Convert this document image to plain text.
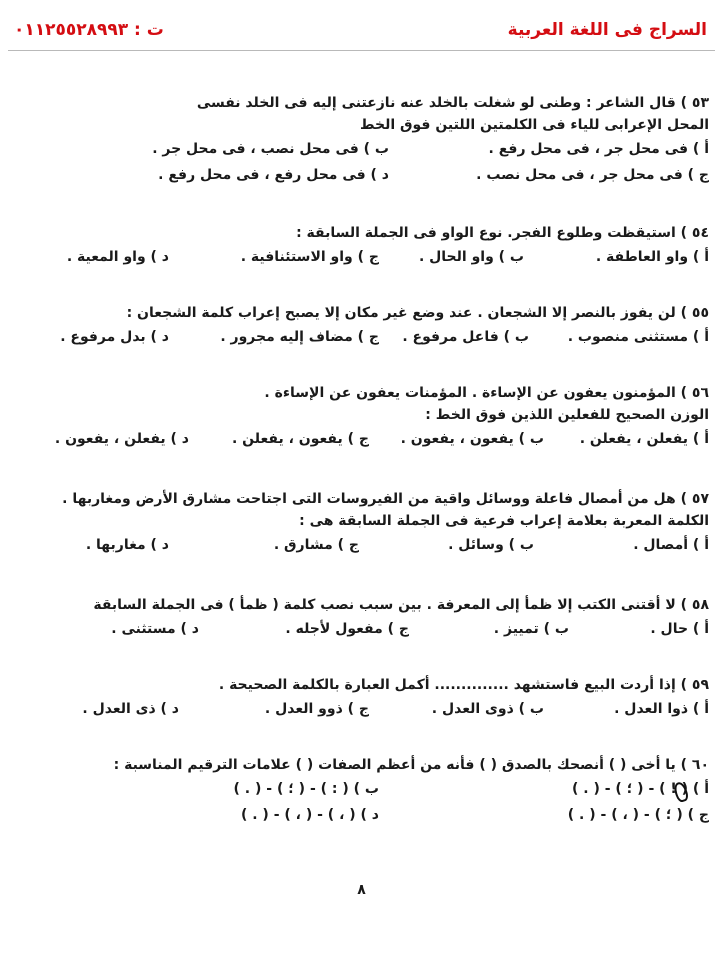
السراج فى اللغة العربية
ت : ٠١١٢٥٥٢٨٩٩٣
٥٣ ) قال الشاعر : وطنى لو شغلت بالخلد عنه نازعتنى إليه فى الخلد نفسى
المحل الإعرابى للياء فى الكلمتين اللتين فوق الخط
أ ) فى محل جر ، فى محل رفع .
ب ) فى محل نصب ، فى محل جر .
ج ) فى محل جر ، فى محل نصب .
د ) فى محل رفع ، فى محل رفع .
٥٤ ) استيقظت وطلوع الفجر. نوع الواو فى الجملة السابقة :
أ ) واو العاطفة .
ب ) واو الحال .
ج ) واو الاستئنافية .
د ) واو المعية .
٥٥ ) لن يفوز بالنصر إلا الشجعان . عند وضع غير مكان إلا يصبح إعراب كلمة الشجعان :
أ ) مستثنى منصوب .
ب ) فاعل مرفوع .
ج ) مضاف إليه مجرور .
د ) بدل مرفوع .
٥٦ ) المؤمنون يعفون عن الإساءة . المؤمنات يعفون عن الإساءة .
الوزن الصحيح للفعلين اللذين فوق الخط :
أ ) يفعلن ، يفعلن .
ب ) يفعون ، يفعون .
ج ) يفعون ، يفعلن .
د ) يفعلن ، يفعون .
٥٧ ) هل من أمصال فاعلة ووسائل واقية من الفيروسات التى اجتاحت مشارق الأرض ومغاربها .
الكلمة المعربة بعلامة إعراب فرعية فى الجملة السابقة هى :
أ ) أمصال .
ب ) وسائل .
ج ) مشارق .
د ) مغاربها .
٥٨ ) لا أقتنى الكتب إلا ظمأ إلى المعرفة . بين سبب نصب كلمة ( ظمأ ) فى الجملة السابقة
أ ) حال .
ب ) تمييز .
ج ) مفعول لأجله .
د ) مستثنى .
٥٩ ) إذا أردت البيع فاستشهد .............. أكمل العبارة بالكلمة الصحيحة .
أ ) ذوا العدل .
ب ) ذوى العدل .
ج ) ذوو العدل .
د ) ذى العدل .
٦٠ ) يا أخى ( ) أنصحك بالصدق ( ) فأنه من أعظم الصفات ( ) علامات الترقيم المناسبة :
أ ) ( ! ) - ( ؛ ) - ( . )
ب ) ( : ) - ( ؛ ) - ( . )
ج ) ( ؛ ) - ( ، ) - ( . )
د ) ( ، ) - ( ، ) - ( . )
٨
